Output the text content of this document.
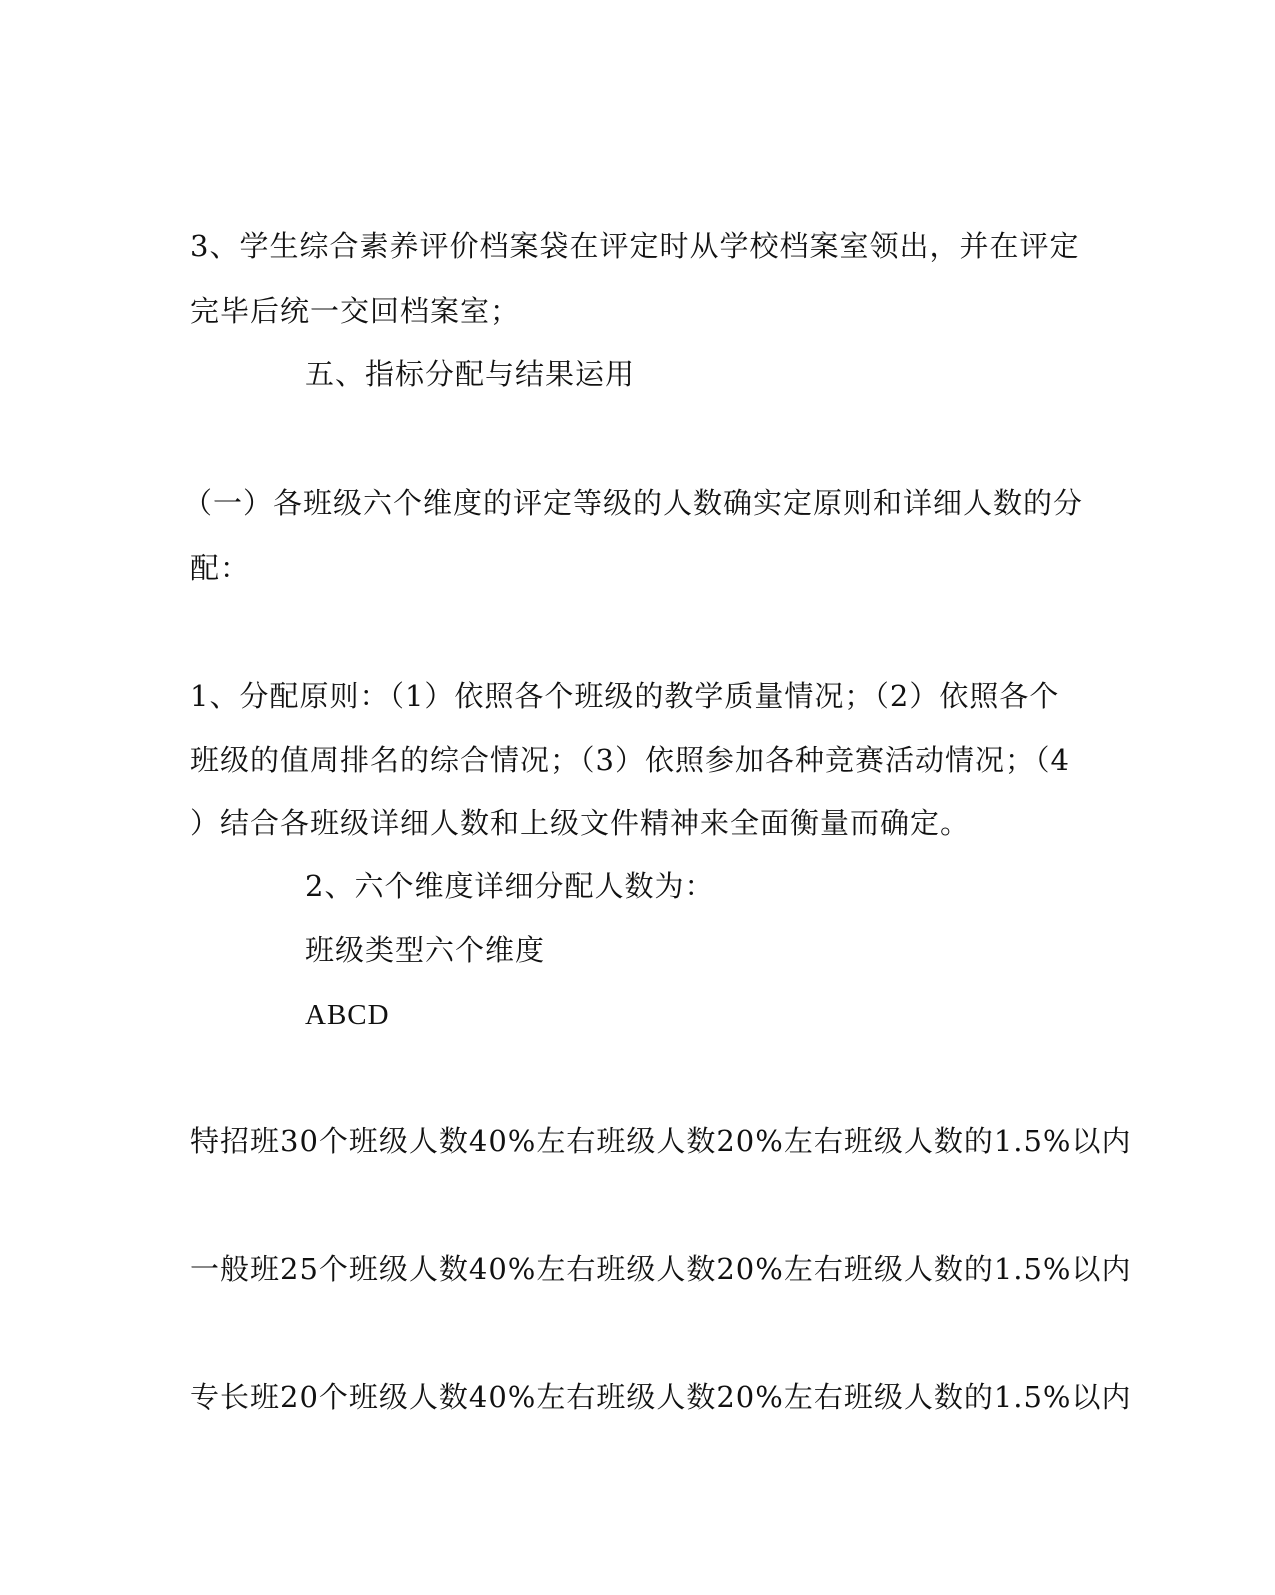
3、学生综合素养评价档案袋在评定时从学校档案室领出，并在评定
完毕后统一交回档案室；
五、指标分配与结果运用
（一）各班级六个维度的评定等级的人数确实定原则和详细人数的分
配：
1、分配原则：（1）依照各个班级的教学质量情况；（2）依照各个
班级的值周排名的综合情况；（3）依照参加各种竞赛活动情况；（4
）结合各班级详细人数和上级文件精神来全面衡量而确定。
2、六个维度详细分配人数为：
班级类型六个维度
ABCD
特招班30个班级人数40%左右班级人数20%左右班级人数的1.5%以内
一般班25个班级人数40%左右班级人数20%左右班级人数的1.5%以内
专长班20个班级人数40%左右班级人数20%左右班级人数的1.5%以内
